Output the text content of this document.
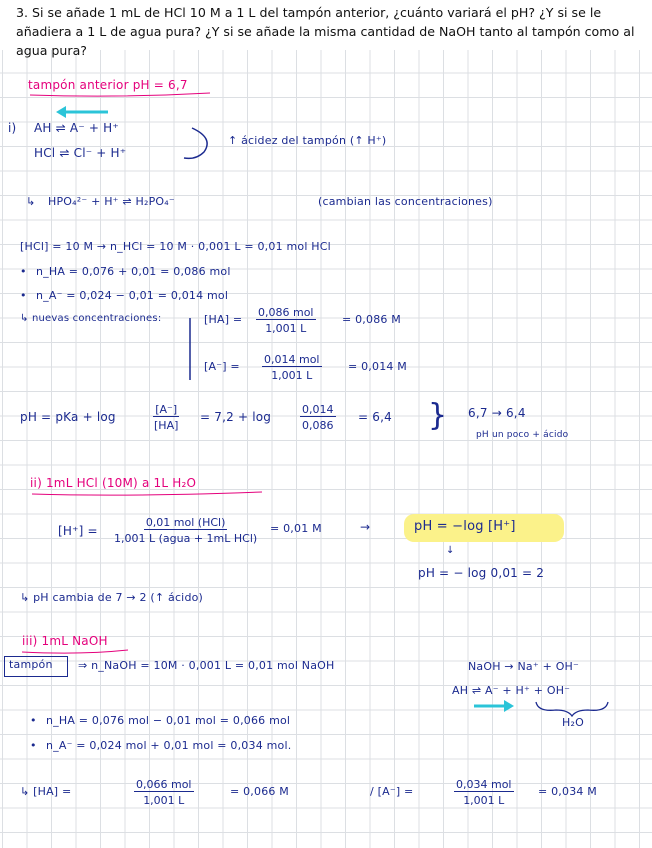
3. Si se añade 1 mL de HCl 10 M a 1 L del tampón anterior, ¿cuánto variará el pH? ¿Y si se le añadiera a 1 L de agua pura? ¿Y si se añade la misma cantidad de NaOH tanto al tampón como al agua pura?
tampón anterior pH = 6,7
i) AH ⇌ A⁻ + H⁺
HCl ⇌ Cl⁻ + H⁺
↑ ácidez del tampón (↑ H⁺)
↳ HPO₄²⁻ + H⁺ ⇌ H₂PO₄⁻	(cambian las concentraciones)
[HCl] = 10 M → n_HCl = 10 M · 0,001 L = 0,01 mol HCl
• n_HA = 0,076 + 0,01 = 0,086 mol
• n_A⁻ = 0,024 − 0,01 = 0,014 mol
↳ nuevas concentraciones:	[HA] =
0,086 mol
1,001 L
= 0,086 M
[A⁻] =
0,014 mol
1,001 L
= 0,014 M
pH = pKa + log	$\frac{[A^-]}{[HA]} = 7,2 + \log$	$\frac{0,014}{0,086} = 6,4$ } 6,7 → 6,4
pH un poco + ácido
ii) 1mL HCl (10M) a 1L H₂O
[H⁺] =
0,01 mol (HCl)
1,001 L (agua + 1mL HCl)
= 0,01 M	→	pH = −log [H⁺]
↓
pH = − log 0,01 = 2
↳ pH cambia de 7 → 2 (↑ ácido)
iii) 1mL NaOH
tampón ⇒ n_NaOH = 10M · 0,001 L = 0,01 mol NaOH	NaOH → Na⁺ + OH⁻
AH ⇌ A⁻ + H⁺ + OH⁻
H₂O
• n_HA = 0,076 mol − 0,01 mol = 0,066 mol
• n_A⁻ = 0,024 mol + 0,01 mol = 0,034 mol.
↳ [HA] =
0,066 mol
1,001 L
= 0,066 M	/ [A⁻] =
0,034 mol
1,001 L
= 0,034 M
